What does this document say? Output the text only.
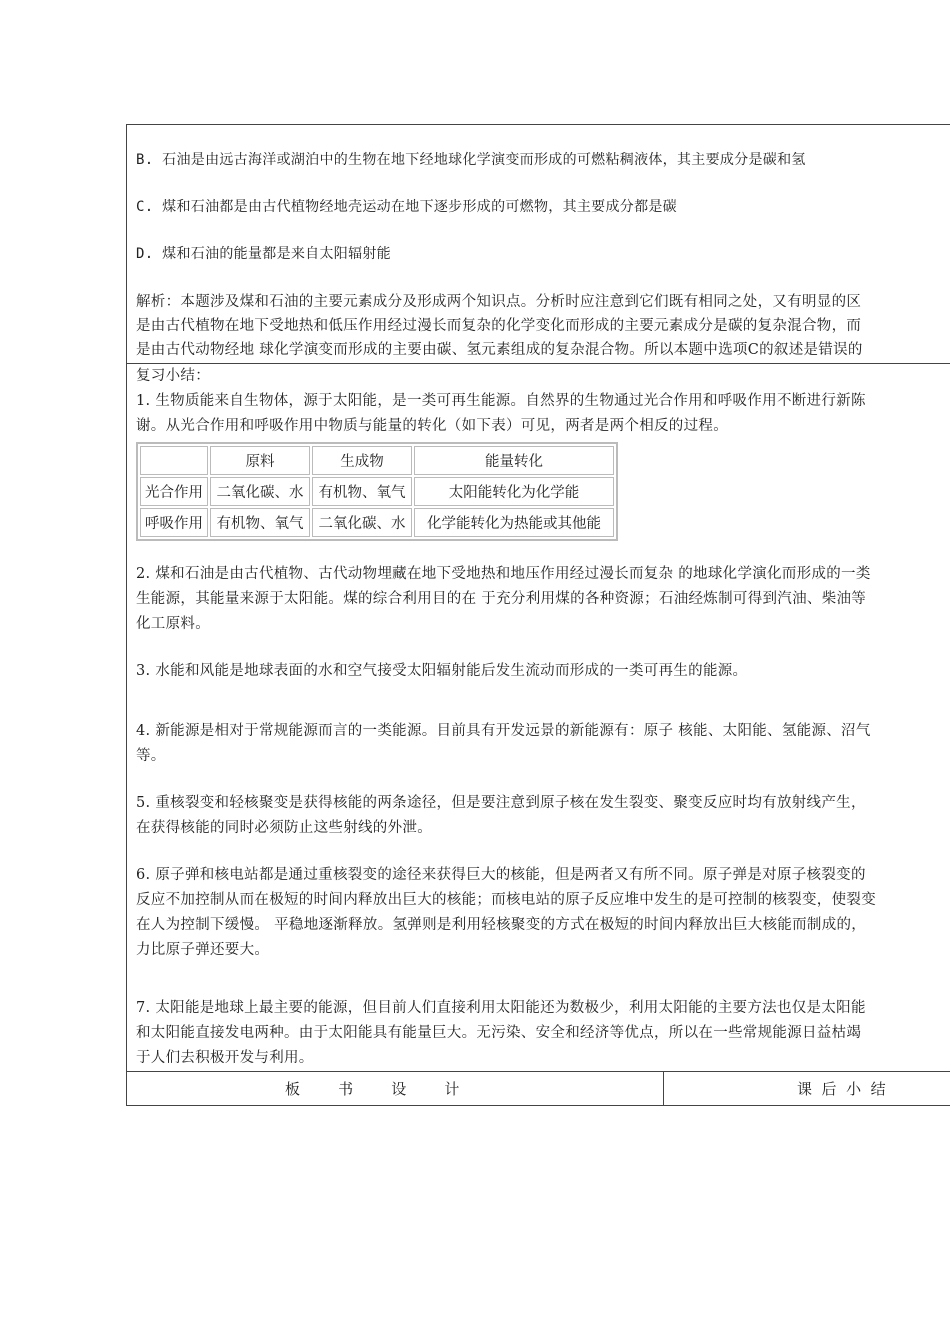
B. 石油是由远古海洋或湖泊中的生物在地下经地球化学演变而形成的可燃粘稠液体，其主要成分是碳和氢
C. 煤和石油都是由古代植物经地壳运动在地下逐步形成的可燃物，其主要成分都是碳
D. 煤和石油的能量都是来自太阳辐射能
解析：本题涉及煤和石油的主要元素成分及形成两个知识点。分析时应注意到它们既有相同之处，又有明显的区
是由古代植物在地下受地热和低压作用经过漫长而复杂的化学变化而形成的主要元素成分是碳的复杂混合物，而
是由古代动物经地 球化学演变而形成的主要由碳、氢元素组成的复杂混合物。所以本题中选项C的叙述是错误的
复习小结：
1. 生物质能来自生物体，源于太阳能，是一类可再生能源。自然界的生物通过光合作用和呼吸作用不断进行新陈
谢。从光合作用和呼吸作用中物质与能量的转化（如下表）可见，两者是两个相反的过程。
	原料	生成物	能量转化
光合作用	二氧化碳、水	有机物、氧气	太阳能转化为化学能
呼吸作用	有机物、氧气	二氧化碳、水	化学能转化为热能或其他能
2. 煤和石油是由古代植物、古代动物埋藏在地下受地热和地压作用经过漫长而复杂 的地球化学演化而形成的一类
生能源，其能量来源于太阳能。煤的综合利用目的在 于充分利用煤的各种资源；石油经炼制可得到汽油、柴油等
化工原料。
3. 水能和风能是地球表面的水和空气接受太阳辐射能后发生流动而形成的一类可再生的能源。
4. 新能源是相对于常规能源而言的一类能源。目前具有开发远景的新能源有：原子 核能、太阳能、氢能源、沼气
等。
5. 重核裂变和轻核聚变是获得核能的两条途径，但是要注意到原子核在发生裂变、聚变反应时均有放射线产生，
在获得核能的同时必须防止这些射线的外泄。
6. 原子弹和核电站都是通过重核裂变的途径来获得巨大的核能，但是两者又有所不同。原子弹是对原子核裂变的
反应不加控制从而在极短的时间内释放出巨大的核能；而核电站的原子反应堆中发生的是可控制的核裂变，使裂变
在人为控制下缓慢。 平稳地逐渐释放。氢弹则是利用轻核聚变的方式在极短的时间内释放出巨大核能而制成的，
力比原子弹还要大。
7. 太阳能是地球上最主要的能源，但目前人们直接利用太阳能还为数极少，利用太阳能的主要方法也仅是太阳能
和太阳能直接发电两种。由于太阳能具有能量巨大。无污染、安全和经济等优点，所以在一些常规能源日益枯竭
于人们去积极开发与利用。
板        书        设        计	课  后  小  结
